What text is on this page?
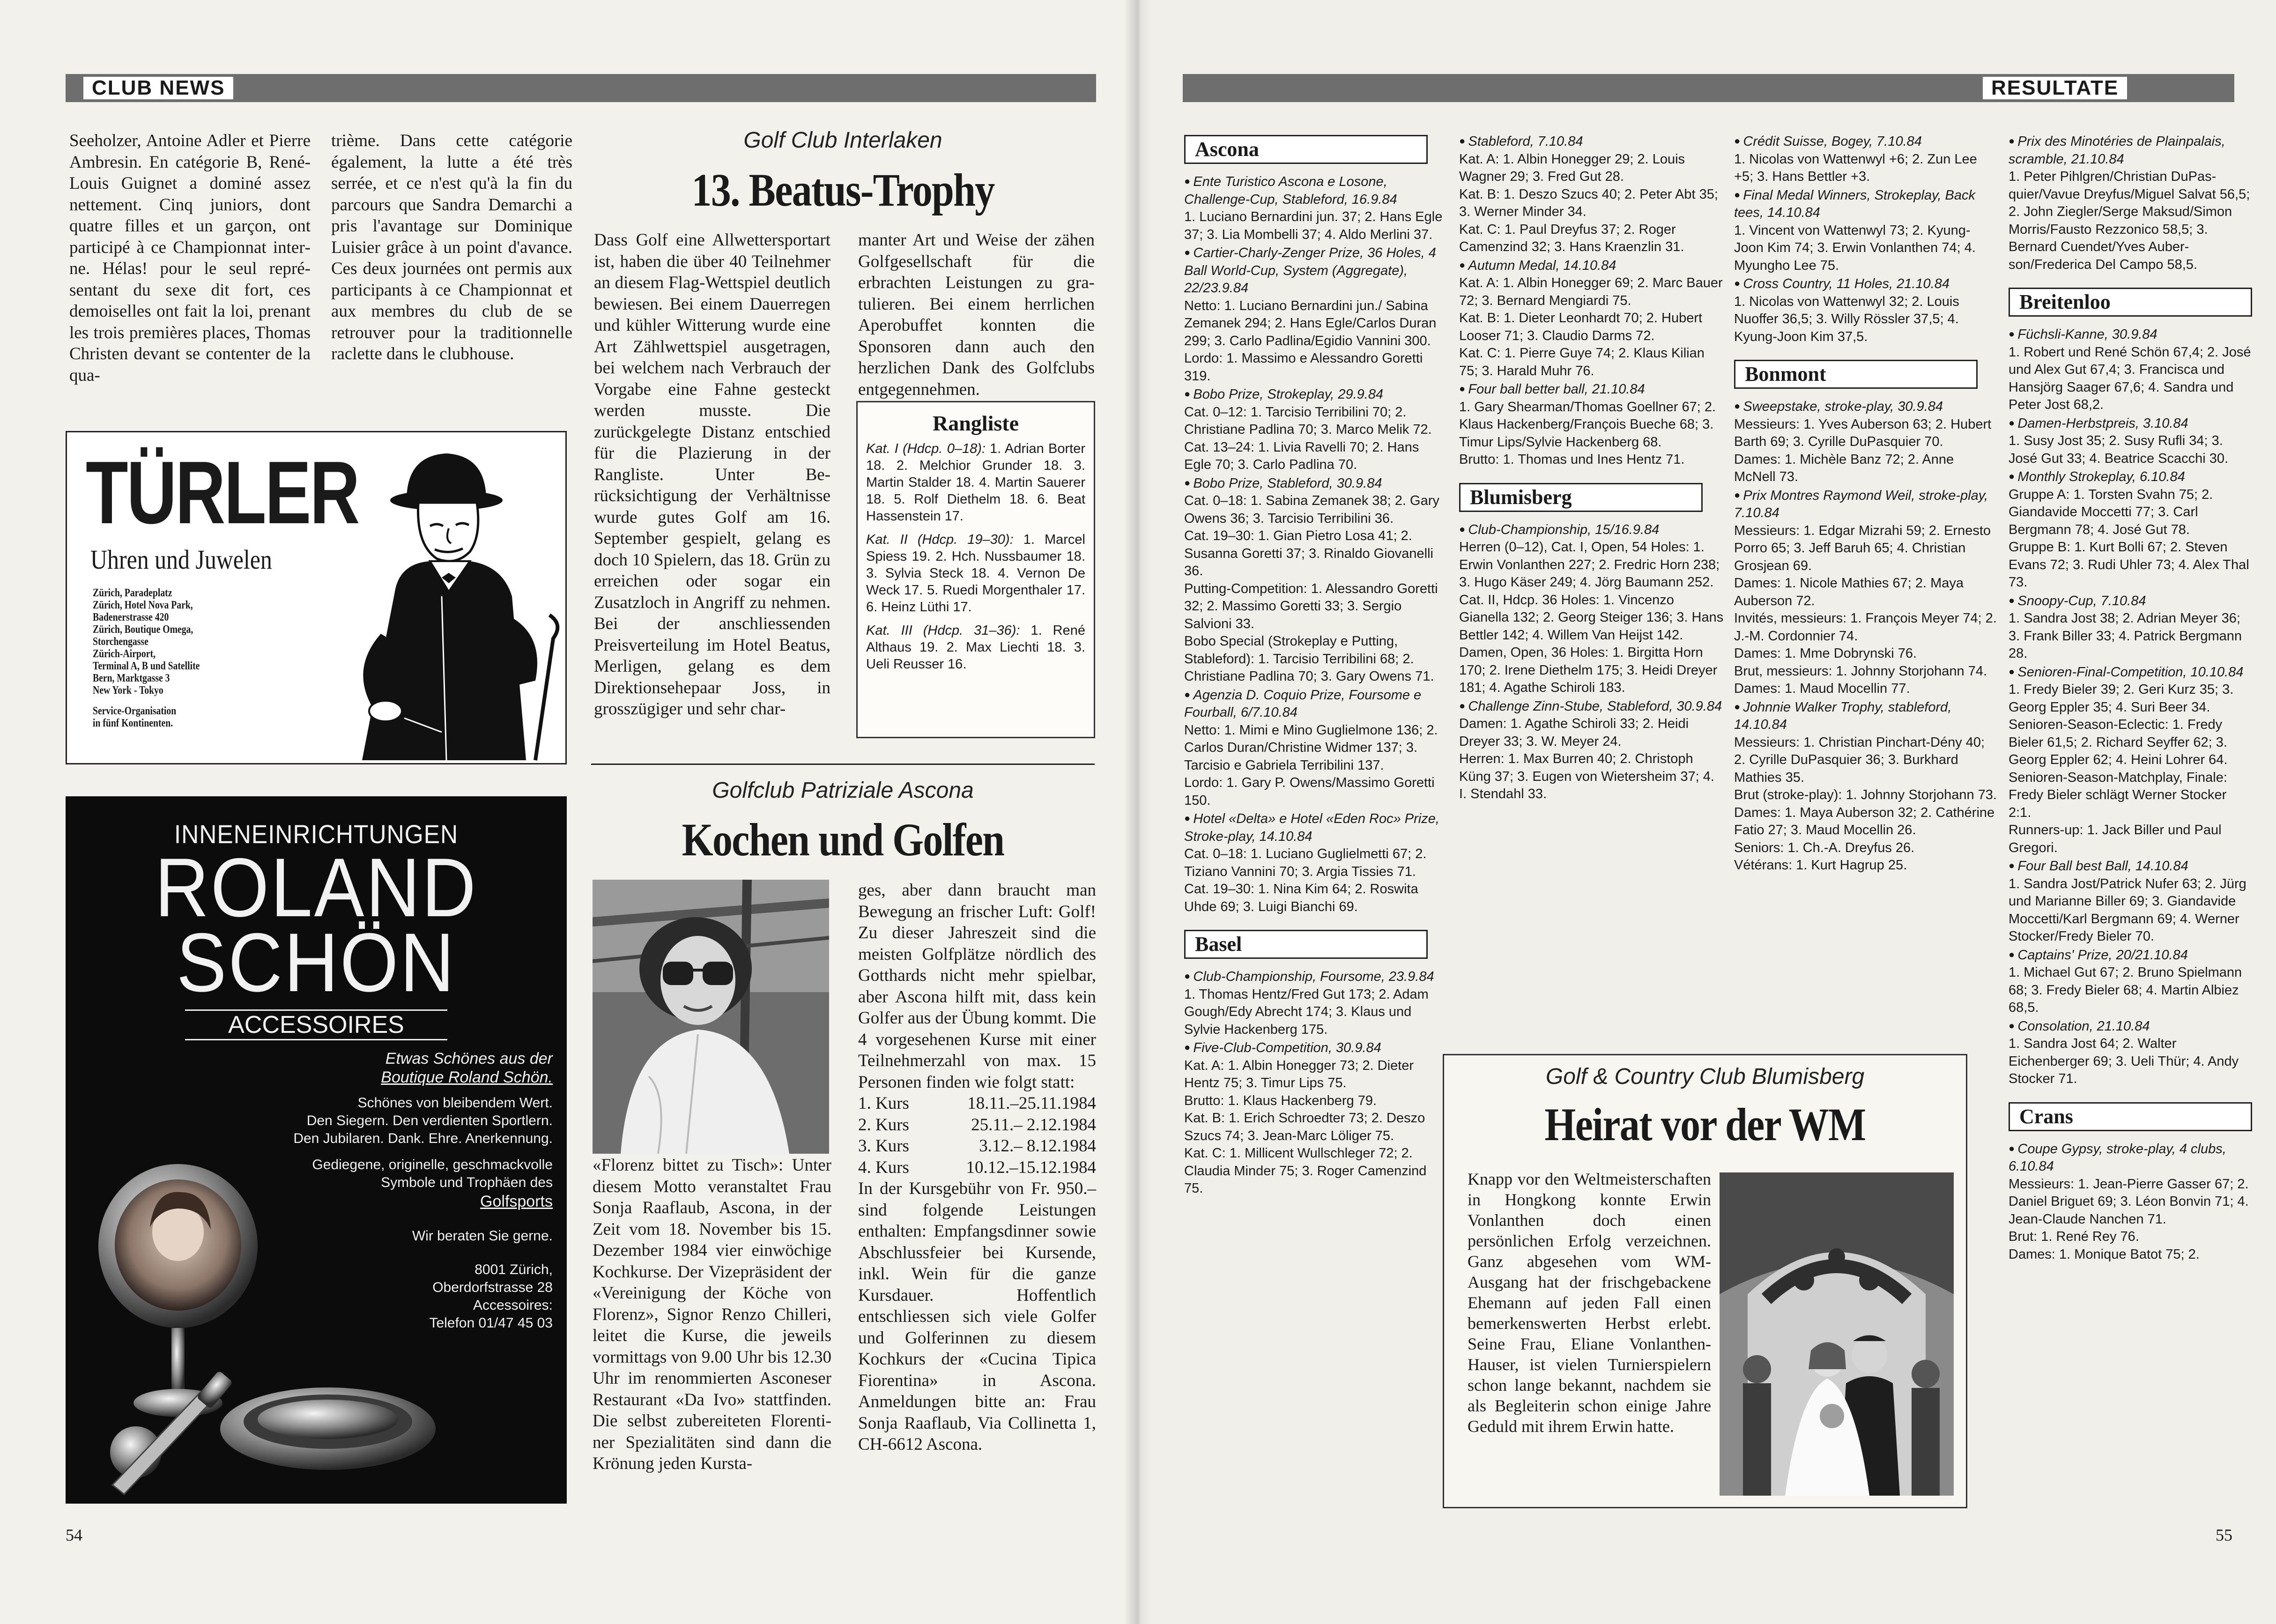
CLUB NEWS
Seeholzer, Antoine Adler et Pierre Ambresin. En catégorie B, René-Louis Guignet a dominé assez nettement. Cinq juniors, dont quatre filles et un garçon, ont participé à ce Championnat interne. Hélas! pour le seul représentant du sexe dit fort, ces demoiselles ont fait la loi, prenant les trois premières places, Thomas Christen devant se contenter de la qua-
trième. Dans cette catégorie également, la lutte a été très serrée, et ce n'est qu'à la fin du parcours que Sandra Demarchi a pris l'avantage sur Dominique Luisier grâce à un point d'avance. Ces deux journées ont permis aux participants à ce Championnat et aux membres du club de se retrouver pour la traditionnelle raclette dans le clubhouse.
TÜRLER
Uhren und Juwelen
Zürich, Paradeplatz
Zürich, Hotel Nova Park,
Badenerstrasse 420
Zürich, Boutique Omega,
Storchengasse
Zürich-Airport,
Terminal A, B und Satellite
Bern, Marktgasse 3
New York - Tokyo
Service-Organisation
in fünf Kontinenten.
INNENEINRICHTUNGEN
ROLAND
SCHÖN
ACCESSOIRES
Etwas Schönes aus der
Boutique Roland Schön.
Schönes von bleibendem Wert.
Den Siegern. Den verdienten Sportlern.
Den Jubilaren. Dank. Ehre. Anerkennung.
Gediegene, originelle, geschmackvolle
Symbole und Trophäen des
Golfsports
Wir beraten Sie gerne.
8001 Zürich,
Oberdorfstrasse 28
Accessoires:
Telefon 01/47 45 03
Golf Club Interlaken
13. Beatus-Trophy
Dass Golf eine Allwettersportart ist, haben die über 40 Teilnehmer an diesem Flag-Wettspiel deutlich bewiesen. Bei einem Dauerregen und kühler Witterung wurde eine Art Zählwettspiel ausgetragen, bei welchem nach Verbrauch der Vorgabe eine Fahne gesteckt werden musste. Die zurückgelegte Distanz entschied für die Plazierung in der Rangliste. Unter Berücksichtigung der Verhältnisse wurde gutes Golf am 16. September gespielt, gelang es doch 10 Spielern, das 18. Grün zu erreichen oder sogar ein Zusatzloch in Angriff zu nehmen. Bei der anschliessenden Preisverteilung im Hotel Beatus, Merligen, gelang es dem Direktionsehepaar Joss, in grosszügiger und sehr char-
manter Art und Weise der zähen Golfgesellschaft für die erbrachten Leistungen zu gratulieren. Bei einem herrlichen Aperobuffet konnten die Sponsoren dann auch den herzlichen Dank des Golfclubs entgegennehmen.
Rangliste

Kat. I (Hdcp. 0–18): 1. Adrian Borter 18. 2. Melchior Grunder 18. 3. Martin Stalder 18. 4. Martin Sauerer 18. 5. Rolf Diethelm 18. 6. Beat Hassenstein 17.

Kat. II (Hdcp. 19–30): 1. Marcel Spiess 19. 2. Hch. Nussbaumer 18. 3. Sylvia Steck 18. 4. Vernon De Weck 17. 5. Ruedi Morgenthaler 17. 6. Heinz Lüthi 17.

Kat. III (Hdcp. 31–36): 1. René Althaus 19. 2. Max Liechti 18. 3. Ueli Reusser 16.

Golfclub Patriziale Ascona
Kochen und Golfen
«Florenz bittet zu Tisch»: Unter diesem Motto veranstaltet Frau Sonja Raaflaub, Ascona, in der Zeit vom 18. November bis 15. Dezember 1984 vier einwöchige Kochkurse. Der Vizepräsident der «Vereinigung der Köche von Florenz», Signor Renzo Chilleri, leitet die Kurse, die jeweils vormittags von 9.00 Uhr bis 12.30 Uhr im renommierten Asconeser Restaurant «Da Ivo» stattfinden. Die selbst zubereiteten Florentiner Spezialitäten sind dann die Krönung jeden Kursta-

ges, aber dann braucht man Bewegung an frischer Luft: Golf! Zu dieser Jahreszeit sind die meisten Golfplätze nördlich des Gotthards nicht mehr spielbar, aber Ascona hilft mit, dass kein Golfer aus der Übung kommt. Die 4 vorgesehenen Kurse mit einer Teilnehmerzahl von max. 15 Personen finden wie folgt statt:

1. Kurs	18.11.–25.11.1984
2. Kurs	25.11.– 2.12.1984
3. Kurs	3.12.– 8.12.1984
4. Kurs	10.12.–15.12.1984

In der Kursgebühr von Fr. 950.– sind folgende Leistungen enthalten: Empfangsdinner sowie Abschlussfeier bei Kursende, inkl. Wein für die ganze Kursdauer. Hoffentlich entschliessen sich viele Golfer und Golferinnen zu diesem Kochkurs der «Cucina Tipica Fiorentina» in Ascona. Anmeldungen bitte an: Frau Sonja Raaflaub, Via Collinetta 1, CH-6612 Ascona.

54
RESULTATE
Ascona
● Ente Turistico Ascona e Losone, Challenge-Cup, Stableford, 16.9.84
1. Luciano Bernardini jun. 37; 2. Hans Egle 37; 3. Lia Mombelli 37; 4. Aldo Merlini 37.
● Cartier-Charly-Zenger Prize, 36 Holes, 4 Ball World-Cup, System (Aggregate), 22/23.9.84
Netto: 1. Luciano Bernardini jun./ Sabina Zemanek 294; 2. Hans Egle/Carlos Duran 299; 3. Carlo Padlina/Egidio Vannini 300.
Lordo: 1. Massimo e Alessandro Goretti 319.
● Bobo Prize, Strokeplay, 29.9.84
Cat. 0–12: 1. Tarcisio Terribilini 70; 2. Christiane Padlina 70; 3. Marco Melik 72.
Cat. 13–24: 1. Livia Ravelli 70; 2. Hans Egle 70; 3. Carlo Padlina 70.
● Bobo Prize, Stableford, 30.9.84
Cat. 0–18: 1. Sabina Zemanek 38; 2. Gary Owens 36; 3. Tarcisio Terribilini 36.
Cat. 19–30: 1. Gian Pietro Losa 41; 2. Susanna Goretti 37; 3. Rinaldo Giovanelli 36.
Putting-Competition: 1. Alessandro Goretti 32; 2. Massimo Goretti 33; 3. Sergio Salvioni 33.
Bobo Special (Strokeplay e Putting, Stableford): 1. Tarcisio Terribilini 68; 2. Christiane Padlina 70; 3. Gary Owens 71.
● Agenzia D. Coquio Prize, Foursome e Fourball, 6/7.10.84
Netto: 1. Mimi e Mino Guglielmone 136; 2. Carlos Duran/Christine Widmer 137; 3. Tarcisio e Gabriela Terribilini 137.
Lordo: 1. Gary P. Owens/Massimo Goretti 150.
● Hotel «Delta» e Hotel «Eden Roc» Prize, Stroke-play, 14.10.84
Cat. 0–18: 1. Luciano Guglielmetti 67; 2. Tiziano Vannini 70; 3. Argia Tissies 71.
Cat. 19–30: 1. Nina Kim 64; 2. Roswita Uhde 69; 3. Luigi Bianchi 69.
Basel
● Club-Championship, Foursome, 23.9.84
1. Thomas Hentz/Fred Gut 173; 2. Adam Gough/Edy Abrecht 174; 3. Klaus und Sylvie Hackenberg 175.
● Five-Club-Competition, 30.9.84
Kat. A: 1. Albin Honegger 73; 2. Dieter Hentz 75; 3. Timur Lips 75.
Brutto: 1. Klaus Hackenberg 79.
Kat. B: 1. Erich Schroedter 73; 2. Deszo Szucs 74; 3. Jean-Marc Löliger 75.
Kat. C: 1. Millicent Wullschleger 72; 2. Claudia Minder 75; 3. Roger Camenzind 75.
● Stableford, 7.10.84
Kat. A: 1. Albin Honegger 29; 2. Louis Wagner 29; 3. Fred Gut 28.
Kat. B: 1. Deszo Szucs 40; 2. Peter Abt 35; 3. Werner Minder 34.
Kat. C: 1. Paul Dreyfus 37; 2. Roger Camenzind 32; 3. Hans Kraenzlin 31.
● Autumn Medal, 14.10.84
Kat. A: 1. Albin Honegger 69; 2. Marc Bauer 72; 3. Bernard Mengiardi 75.
Kat. B: 1. Dieter Leonhardt 70; 2. Hubert Looser 71; 3. Claudio Darms 72.
Kat. C: 1. Pierre Guye 74; 2. Klaus Kilian 75; 3. Harald Muhr 76.
● Four ball better ball, 21.10.84
1. Gary Shearman/Thomas Goellner 67; 2. Klaus Hackenberg/François Bueche 68; 3. Timur Lips/Sylvie Hackenberg 68.
Brutto: 1. Thomas und Ines Hentz 71.
Blumisberg
● Club-Championship, 15/16.9.84
Herren (0–12), Cat. I, Open, 54 Holes: 1. Erwin Vonlanthen 227; 2. Fredric Horn 238; 3. Hugo Käser 249; 4. Jörg Baumann 252.
Cat. II, Hdcp. 36 Holes: 1. Vincenzo Gianella 132; 2. Georg Steiger 136; 3. Hans Bettler 142; 4. Willem Van Heijst 142.
Damen, Open, 36 Holes: 1. Birgitta Horn 170; 2. Irene Diethelm 175; 3. Heidi Dreyer 181; 4. Agathe Schiroli 183.
● Challenge Zinn-Stube, Stableford, 30.9.84
Damen: 1. Agathe Schiroli 33; 2. Heidi Dreyer 33; 3. W. Meyer 24.
Herren: 1. Max Burren 40; 2. Christoph Küng 37; 3. Eugen von Wietersheim 37; 4. I. Stendahl 33.
● Crédit Suisse, Bogey, 7.10.84
1. Nicolas von Wattenwyl +6; 2. Zun Lee +5; 3. Hans Bettler +3.
● Final Medal Winners, Strokeplay, Back tees, 14.10.84
1. Vincent von Wattenwyl 73; 2. Kyung-Joon Kim 74; 3. Erwin Vonlanthen 74; 4. Myungho Lee 75.
● Cross Country, 11 Holes, 21.10.84
1. Nicolas von Wattenwyl 32; 2. Louis Nuoffer 36,5; 3. Willy Rössler 37,5; 4. Kyung-Joon Kim 37,5.
Bonmont
● Sweepstake, stroke-play, 30.9.84
Messieurs: 1. Yves Auberson 63; 2. Hubert Barth 69; 3. Cyrille DuPasquier 70.
Dames: 1. Michèle Banz 72; 2. Anne McNell 73.
● Prix Montres Raymond Weil, stroke-play, 7.10.84
Messieurs: 1. Edgar Mizrahi 59; 2. Ernesto Porro 65; 3. Jeff Baruh 65; 4. Christian Grosjean 69.
Dames: 1. Nicole Mathies 67; 2. Maya Auberson 72.
Invités, messieurs: 1. François Meyer 74; 2. J.-M. Cordonnier 74.
Dames: 1. Mme Dobrynski 76.
Brut, messieurs: 1. Johnny Storjohann 74.
Dames: 1. Maud Mocellin 77.
● Johnnie Walker Trophy, stableford, 14.10.84
Messieurs: 1. Christian Pinchart-Dény 40; 2. Cyrille DuPasquier 36; 3. Burkhard Mathies 35.
Brut (stroke-play): 1. Johnny Storjohann 73.
Dames: 1. Maya Auberson 32; 2. Cathérine Fatio 27; 3. Maud Mocellin 26.
Seniors: 1. Ch.-A. Dreyfus 26.
Vétérans: 1. Kurt Hagrup 25.
● Prix des Minotéries de Plainpalais, scramble, 21.10.84
1. Peter Pihlgren/Christian DuPasquier/Vavue Dreyfus/Miguel Salvat 56,5; 2. John Ziegler/Serge Maksud/Simon Morris/Fausto Rezzonico 58,5; 3. Bernard Cuendet/Yves Auberson/Frederica Del Campo 58,5.
Breitenloo
● Füchsli-Kanne, 30.9.84
1. Robert und René Schön 67,4; 2. José und Alex Gut 67,4; 3. Francisca und Hansjörg Saager 67,6; 4. Sandra und Peter Jost 68,2.
● Damen-Herbstpreis, 3.10.84
1. Susy Jost 35; 2. Susy Rufli 34; 3. José Gut 33; 4. Beatrice Scacchi 30.
● Monthly Strokeplay, 6.10.84
Gruppe A: 1. Torsten Svahn 75; 2. Giandavide Moccetti 77; 3. Carl Bergmann 78; 4. José Gut 78.
Gruppe B: 1. Kurt Bolli 67; 2. Steven Evans 72; 3. Rudi Uhler 73; 4. Alex Thal 73.
● Snoopy-Cup, 7.10.84
1. Sandra Jost 38; 2. Adrian Meyer 36; 3. Frank Biller 33; 4. Patrick Bergmann 28.
● Senioren-Final-Competition, 10.10.84
1. Fredy Bieler 39; 2. Geri Kurz 35; 3. Georg Eppler 35; 4. Suri Beer 34.
Senioren-Season-Eclectic: 1. Fredy Bieler 61,5; 2. Richard Seyffer 62; 3. Georg Eppler 62; 4. Heini Lohrer 64.
Senioren-Season-Matchplay, Finale: Fredy Bieler schlägt Werner Stocker 2:1.
Runners-up: 1. Jack Biller und Paul Gregori.
● Four Ball best Ball, 14.10.84
1. Sandra Jost/Patrick Nufer 63; 2. Jürg und Marianne Biller 69; 3. Giandavide Moccetti/Karl Bergmann 69; 4. Werner Stocker/Fredy Bieler 70.
● Captains' Prize, 20/21.10.84
1. Michael Gut 67; 2. Bruno Spielmann 68; 3. Fredy Bieler 68; 4. Martin Albiez 68,5.
● Consolation, 21.10.84
1. Sandra Jost 64; 2. Walter Eichenberger 69; 3. Ueli Thür; 4. Andy Stocker 71.
Crans
● Coupe Gypsy, stroke-play, 4 clubs, 6.10.84
Messieurs: 1. Jean-Pierre Gasser 67; 2. Daniel Briguet 69; 3. Léon Bonvin 71; 4. Jean-Claude Nanchen 71.
Brut: 1. René Rey 76.
Dames: 1. Monique Batot 75; 2.
Golf & Country Club Blumisberg
Heirat vor der WM
Knapp vor den Weltmeisterschaften in Hongkong konnte Erwin Vonlanthen doch einen persönlichen Erfolg verzeichnen. Ganz abgesehen vom WM-Ausgang hat der frischgebackene Ehemann auf jeden Fall einen bemerkenswerten Herbst erlebt. Seine Frau, Eliane Vonlanthen-Hauser, ist vielen Turnierspielern schon lange bekannt, nachdem sie als Begleiterin schon einige Jahre Geduld mit ihrem Erwin hatte.
55
